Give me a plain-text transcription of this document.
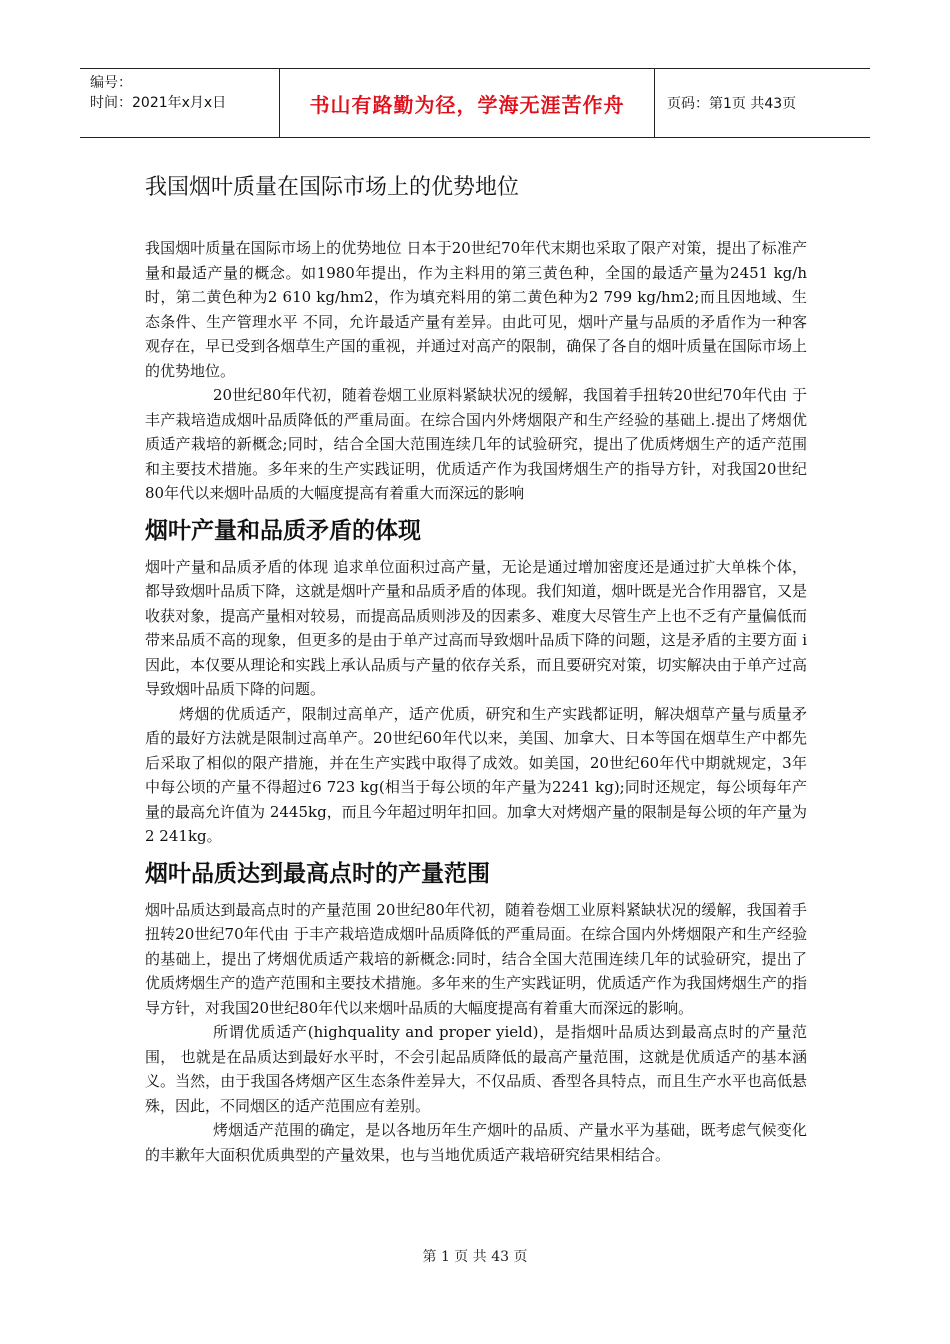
编号：
时间：2021年x月x日	书山有路勤为径，学海无涯苦作舟	页码：第1页 共43页
我国烟叶质量在国际市场上的优势地位

我国烟叶质量在国际市场上的优势地位 日本于20世纪70年代末期也采取了限产对策，提出了标准产量和最适产量的概念。如1980年提出，作为主料用的第三黄色种，全国的最适产量为2451 kg/h时，第二黄色种为2 610 kg/hm2，作为填充料用的第二黄色种为2 799 kg/hm2;而且因地域、生态条件、生产管理水平 不同，允许最适产量有差异。由此可见，烟叶产量与品质的矛盾作为一种客观存在，早已受到各烟草生产国的重视，并通过对高产的限制，确保了各自的烟叶质量在国际市场上的优势地位。

20世纪80年代初，随着卷烟工业原料紧缺状况的缓解，我国着手扭转20世纪70年代由 于丰产栽培造成烟叶品质降低的严重局面。在综合国内外烤烟限产和生产经验的基础上.提出了烤烟优质适产栽培的新概念;同时，结合全国大范围连续几年的试验研究，提出了优质烤烟生产的适产范围和主要技术措施。多年来的生产实践证明，优质适产作为我国烤烟生产的指导方针，对我国20世纪80年代以来烟叶品质的大幅度提高有着重大而深远的影响

烟叶产量和品质矛盾的体现

烟叶产量和品质矛盾的体现 追求单位面积过高产量，无论是通过增加密度还是通过扩大单株个体，都导致烟叶品质下降，这就是烟叶产量和品质矛盾的体现。我们知道，烟叶既是光合作用器官，又是收获对象，提高产量相对较易，而提高品质则涉及的因素多、难度大尽管生产上也不乏有产量偏低而带来品质不高的现象，但更多的是由于单产过高而导致烟叶品质下降的问题，这是矛盾的主要方面 i 因此，本仅要从理论和实践上承认品质与产量的依存关系，而且要研究对策，切实解决由于单产过高导致烟叶品质下降的问题。

烤烟的优质适产，限制过高单产，适产优质，研究和生产实践都证明，解决烟草产量与质量矛盾的最好方法就是限制过高单产。20世纪60年代以来，美国、加拿大、日本等国在烟草生产中都先后采取了相似的限产措施，并在生产实践中取得了成效。如美国，20世纪60年代中期就规定，3年中每公顷的产量不得超过6 723 kg(相当于每公顷的年产量为2241 kg);同时还规定，每公顷每年产量的最高允许值为 2445kg，而且今年超过明年扣回。加拿大对烤烟产量的限制是每公顷的年产量为2 241kg。

烟叶品质达到最高点时的产量范围

烟叶品质达到最高点时的产量范围 20世纪80年代初，随着卷烟工业原料紧缺状况的缓解，我国着手扭转20世纪70年代由 于丰产栽培造成烟叶品质降低的严重局面。在综合国内外烤烟限产和生产经验的基础上，提出了烤烟优质适产栽培的新概念:同时，结合全国大范围连续几年的试验研究，提出了优质烤烟生产的造产范围和主要技术措施。多年来的生产实践证明，优质适产作为我国烤烟生产的指导方针，对我国20世纪80年代以来烟叶品质的大幅度提高有着重大而深远的影响。

所谓优质适产(highquality and proper yield)，是指烟叶品质达到最高点时的产量范围， 也就是在品质达到最好水平时，不会引起品质降低的最高产量范围，这就是优质适产的基本涵义。当然，由于我国各烤烟产区生态条件差异大，不仅品质、香型各具特点，而且生产水平也高低悬殊，因此，不同烟区的适产范围应有差别。

烤烟适产范围的确定，是以各地历年生产烟叶的品质、产量水平为基础，既考虑气候变化的丰歉年大面积优质典型的产量效果，也与当地优质适产栽培研究结果相结合。

第 1 页 共 43 页
